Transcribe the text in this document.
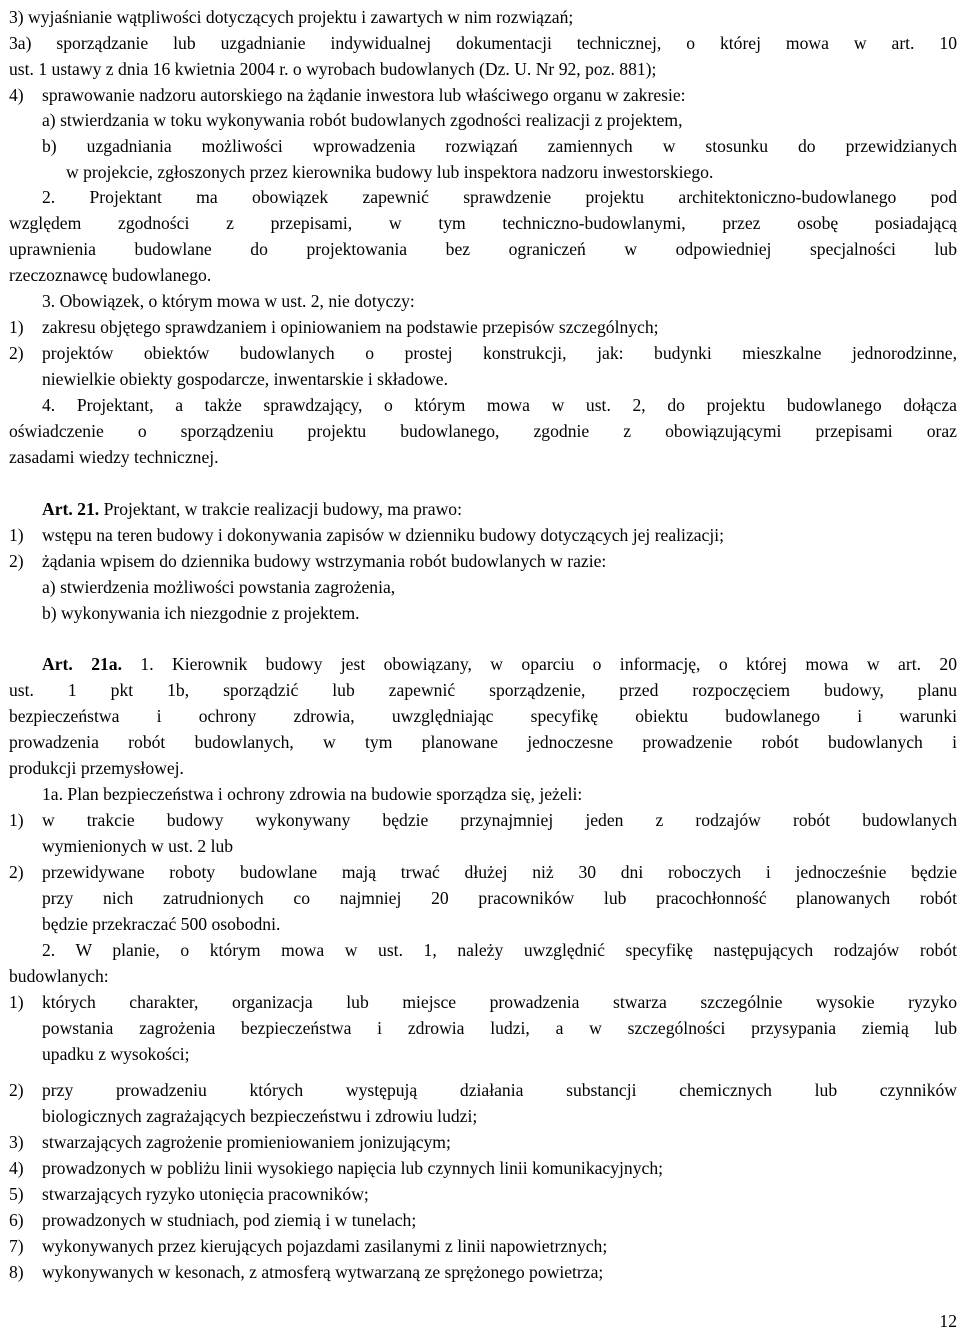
3) wyjaśnianie wątpliwości dotyczących projektu i zawartych w nim rozwiązań;
3a) sporządzanie lub uzgadnianie indywidualnej dokumentacji technicznej, o której mowa w art. 10
ust. 1 ustawy z dnia 16 kwietnia 2004 r. o wyrobach budowlanych (Dz. U. Nr 92, poz. 881);
4) sprawowanie nadzoru autorskiego na żądanie inwestora lub właściwego organu w zakresie:
a) stwierdzania w toku wykonywania robót budowlanych zgodności realizacji z projektem,
b) uzgadniania możliwości wprowadzenia rozwiązań zamiennych w stosunku do przewidzianych
w projekcie, zgłoszonych przez kierownika budowy lub inspektora nadzoru inwestorskiego.
2. Projektant ma obowiązek zapewnić sprawdzenie projektu architektoniczno-budowlanego pod
względem zgodności z przepisami, w tym techniczno-budowlanymi, przez osobę posiadającą
uprawnienia budowlane do projektowania bez ograniczeń w odpowiedniej specjalności lub
rzeczoznawcę budowlanego.
3. Obowiązek, o którym mowa w ust. 2, nie dotyczy:
1) zakresu objętego sprawdzaniem i opiniowaniem na podstawie przepisów szczególnych;
2) projektów obiektów budowlanych o prostej konstrukcji, jak: budynki mieszkalne jednorodzinne,
niewielkie obiekty gospodarcze, inwentarskie i składowe.
4. Projektant, a także sprawdzający, o którym mowa w ust. 2, do projektu budowlanego dołącza
oświadczenie o sporządzeniu projektu budowlanego, zgodnie z obowiązującymi przepisami oraz
zasadami wiedzy technicznej.
Art. 21. Projektant, w trakcie realizacji budowy, ma prawo:
1) wstępu na teren budowy i dokonywania zapisów w dzienniku budowy dotyczących jej realizacji;
2) żądania wpisem do dziennika budowy wstrzymania robót budowlanych w razie:
a) stwierdzenia możliwości powstania zagrożenia,
b) wykonywania ich niezgodnie z projektem.
Art. 21a. 1. Kierownik budowy jest obowiązany, w oparciu o informację, o której mowa w art. 20
ust. 1 pkt 1b, sporządzić lub zapewnić sporządzenie, przed rozpoczęciem budowy, planu
bezpieczeństwa i ochrony zdrowia, uwzględniając specyfikę obiektu budowlanego i warunki
prowadzenia robót budowlanych, w tym planowane jednoczesne prowadzenie robót budowlanych i
produkcji przemysłowej.
1a. Plan bezpieczeństwa i ochrony zdrowia na budowie sporządza się, jeżeli:
1) w trakcie budowy wykonywany będzie przynajmniej jeden z rodzajów robót budowlanych
wymienionych w ust. 2 lub
2) przewidywane roboty budowlane mają trwać dłużej niż 30 dni roboczych i jednocześnie będzie
przy nich zatrudnionych co najmniej 20 pracowników lub pracochłonność planowanych robót
będzie przekraczać 500 osobodni.
2. W planie, o którym mowa w ust. 1, należy uwzględnić specyfikę następujących rodzajów robót
budowlanych:
1) których charakter, organizacja lub miejsce prowadzenia stwarza szczególnie wysokie ryzyko
powstania zagrożenia bezpieczeństwa i zdrowia ludzi, a w szczególności przysypania ziemią lub
upadku z wysokości;
2) przy prowadzeniu których występują działania substancji chemicznych lub czynników
biologicznych zagrażających bezpieczeństwu i zdrowiu ludzi;
3) stwarzających zagrożenie promieniowaniem jonizującym;
4) prowadzonych w pobliżu linii wysokiego napięcia lub czynnych linii komunikacyjnych;
5) stwarzających ryzyko utonięcia pracowników;
6) prowadzonych w studniach, pod ziemią i w tunelach;
7) wykonywanych przez kierujących pojazdami zasilanymi z linii napowietrznych;
8) wykonywanych w kesonach, z atmosferą wytwarzaną ze sprężonego powietrza;
12
